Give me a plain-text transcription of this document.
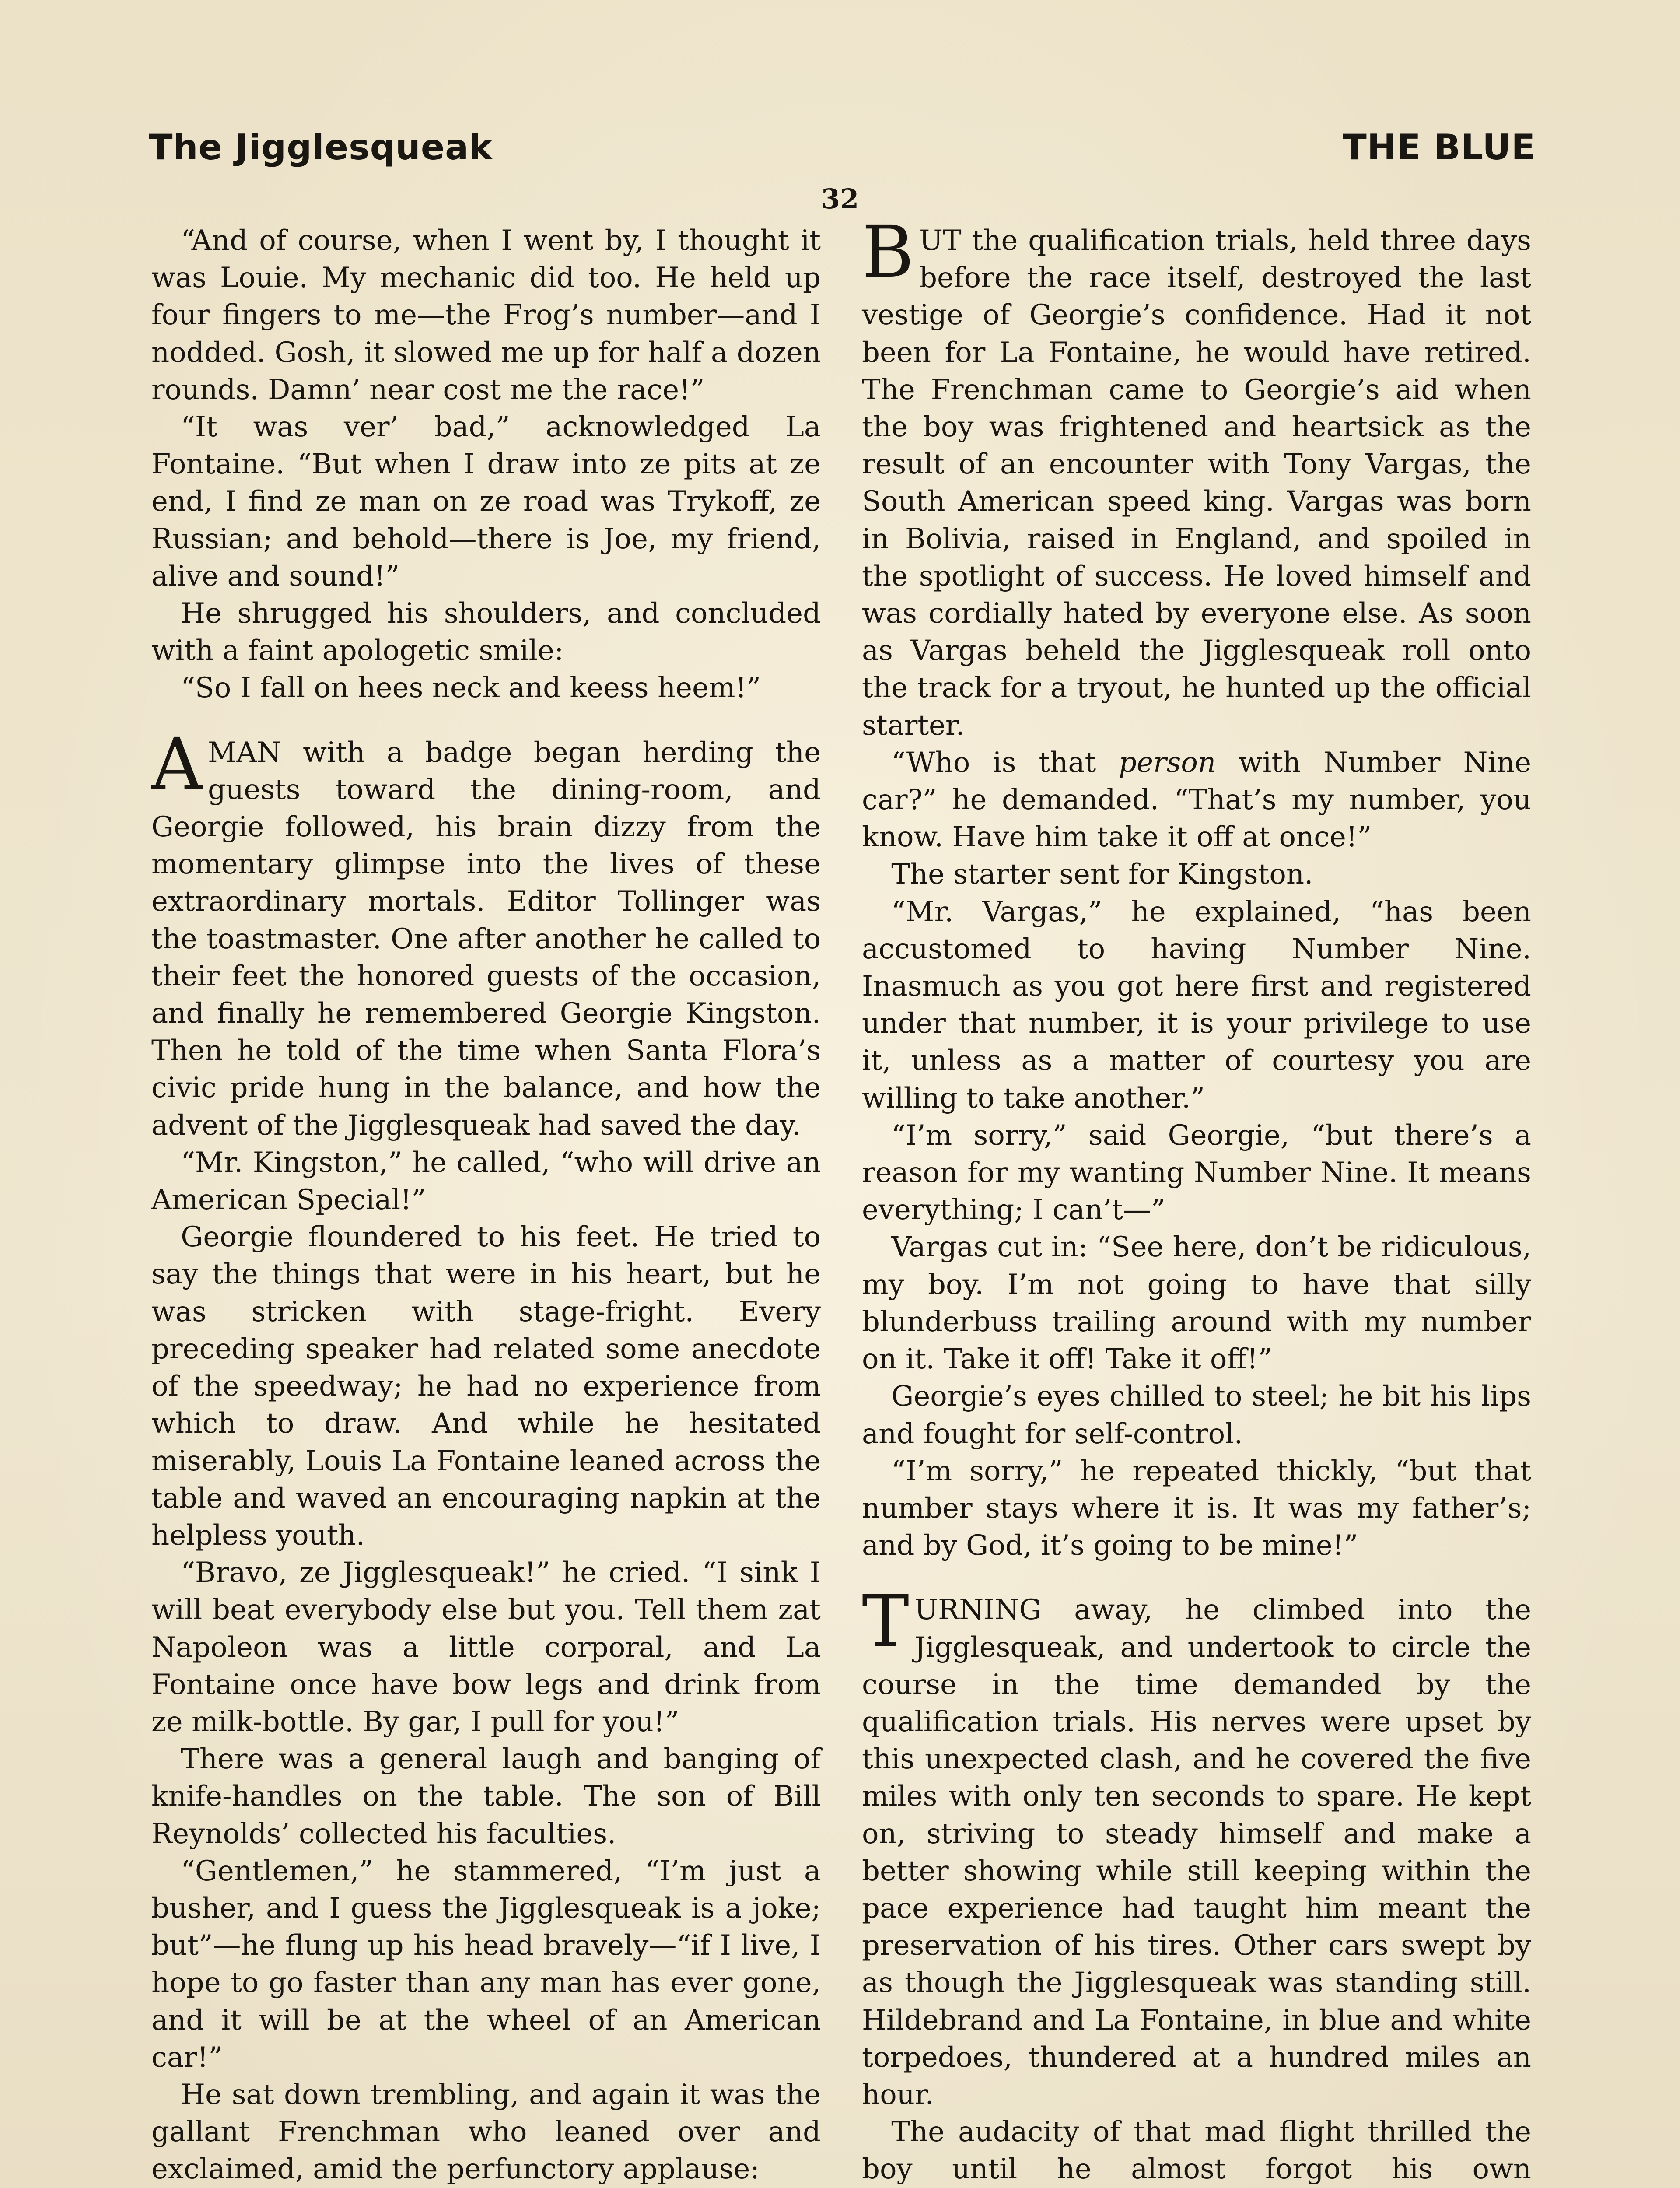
The Jigglesqueak	THE BLUE
32

“And of course, when I went by, I thought it was Louie. My mechanic did too. He held up four fingers to me—the Frog’s number—and I nodded. Gosh, it slowed me up for half a dozen rounds. Damn’ near cost me the race!”

“It was ver’ bad,” acknowledged La Fontaine. “But when I draw into ze pits at ze end, I find ze man on ze road was Trykoff, ze Russian; and behold—there is Joe, my friend, alive and sound!”

He shrugged his shoulders, and concluded with a faint apologetic smile:

“So I fall on hees neck and keess heem!”

AMAN with a badge began herding the guests toward the dining-room, and Georgie followed, his brain dizzy from the momentary glimpse into the lives of these extraordinary mortals. Editor Tollinger was the toastmaster. One after another he called to their feet the honored guests of the occasion, and finally he remembered Georgie Kingston. Then he told of the time when Santa Flora’s civic pride hung in the balance, and how the advent of the Jigglesqueak had saved the day.

“Mr. Kingston,” he called, “who will drive an American Special!”

Georgie floundered to his feet. He tried to say the things that were in his heart, but he was stricken with stage-fright. Every preceding speaker had related some anecdote of the speedway; he had no experience from which to draw. And while he hesitated miserably, Louis La Fontaine leaned across the table and waved an encouraging napkin at the helpless youth.

“Bravo, ze Jigglesqueak!” he cried. “I sink I will beat everybody else but you. Tell them zat Napoleon was a little corporal, and La Fontaine once have bow legs and drink from ze milk-bottle. By gar, I pull for you!”

There was a general laugh and banging of knife-handles on the table. The son of Bill Reynolds’ collected his faculties.

“Gentlemen,” he stammered, “I’m just a busher, and I guess the Jigglesqueak is a joke; but”—he flung up his head bravely—“if I live, I hope to go faster than any man has ever gone, and it will be at the wheel of an American car!”

He sat down trembling, and again it was the gallant Frenchman who leaned over and exclaimed, amid the perfunctory applause:

BUT the qualification trials, held three days before the race itself, destroyed the last vestige of Georgie’s confidence. Had it not been for La Fontaine, he would have retired. The Frenchman came to Georgie’s aid when the boy was frightened and heartsick as the result of an encounter with Tony Vargas, the South American speed king. Vargas was born in Bolivia, raised in England, and spoiled in the spotlight of success. He loved himself and was cordially hated by everyone else. As soon as Vargas beheld the Jigglesqueak roll onto the track for a tryout, he hunted up the official starter.

“Who is that person with Number Nine car?” he demanded. “That’s my number, you know. Have him take it off at once!”

The starter sent for Kingston.

“Mr. Vargas,” he explained, “has been accustomed to having Number Nine. Inasmuch as you got here first and registered under that number, it is your privilege to use it, unless as a matter of courtesy you are willing to take another.”

“I’m sorry,” said Georgie, “but there’s a reason for my wanting Number Nine. It means everything; I can’t—”

Vargas cut in: “See here, don’t be ridiculous, my boy. I’m not going to have that silly blunderbuss trailing around with my number on it. Take it off! Take it off!”

Georgie’s eyes chilled to steel; he bit his lips and fought for self-control.

“I’m sorry,” he repeated thickly, “but that number stays where it is. It was my father’s; and by God, it’s going to be mine!”

TURNING away, he climbed into the Jigglesqueak, and undertook to circle the course in the time demanded by the qualification trials. His nerves were upset by this unexpected clash, and he covered the five miles with only ten seconds to spare. He kept on, striving to steady himself and make a better showing while still keeping within the pace experience had taught him meant the preservation of his tires. Other cars swept by as though the Jigglesqueak was standing still. Hildebrand and La Fontaine, in blue and white torpedoes, thundered at a hundred miles an hour.

The audacity of that mad flight thrilled the boy until he almost forgot his own
